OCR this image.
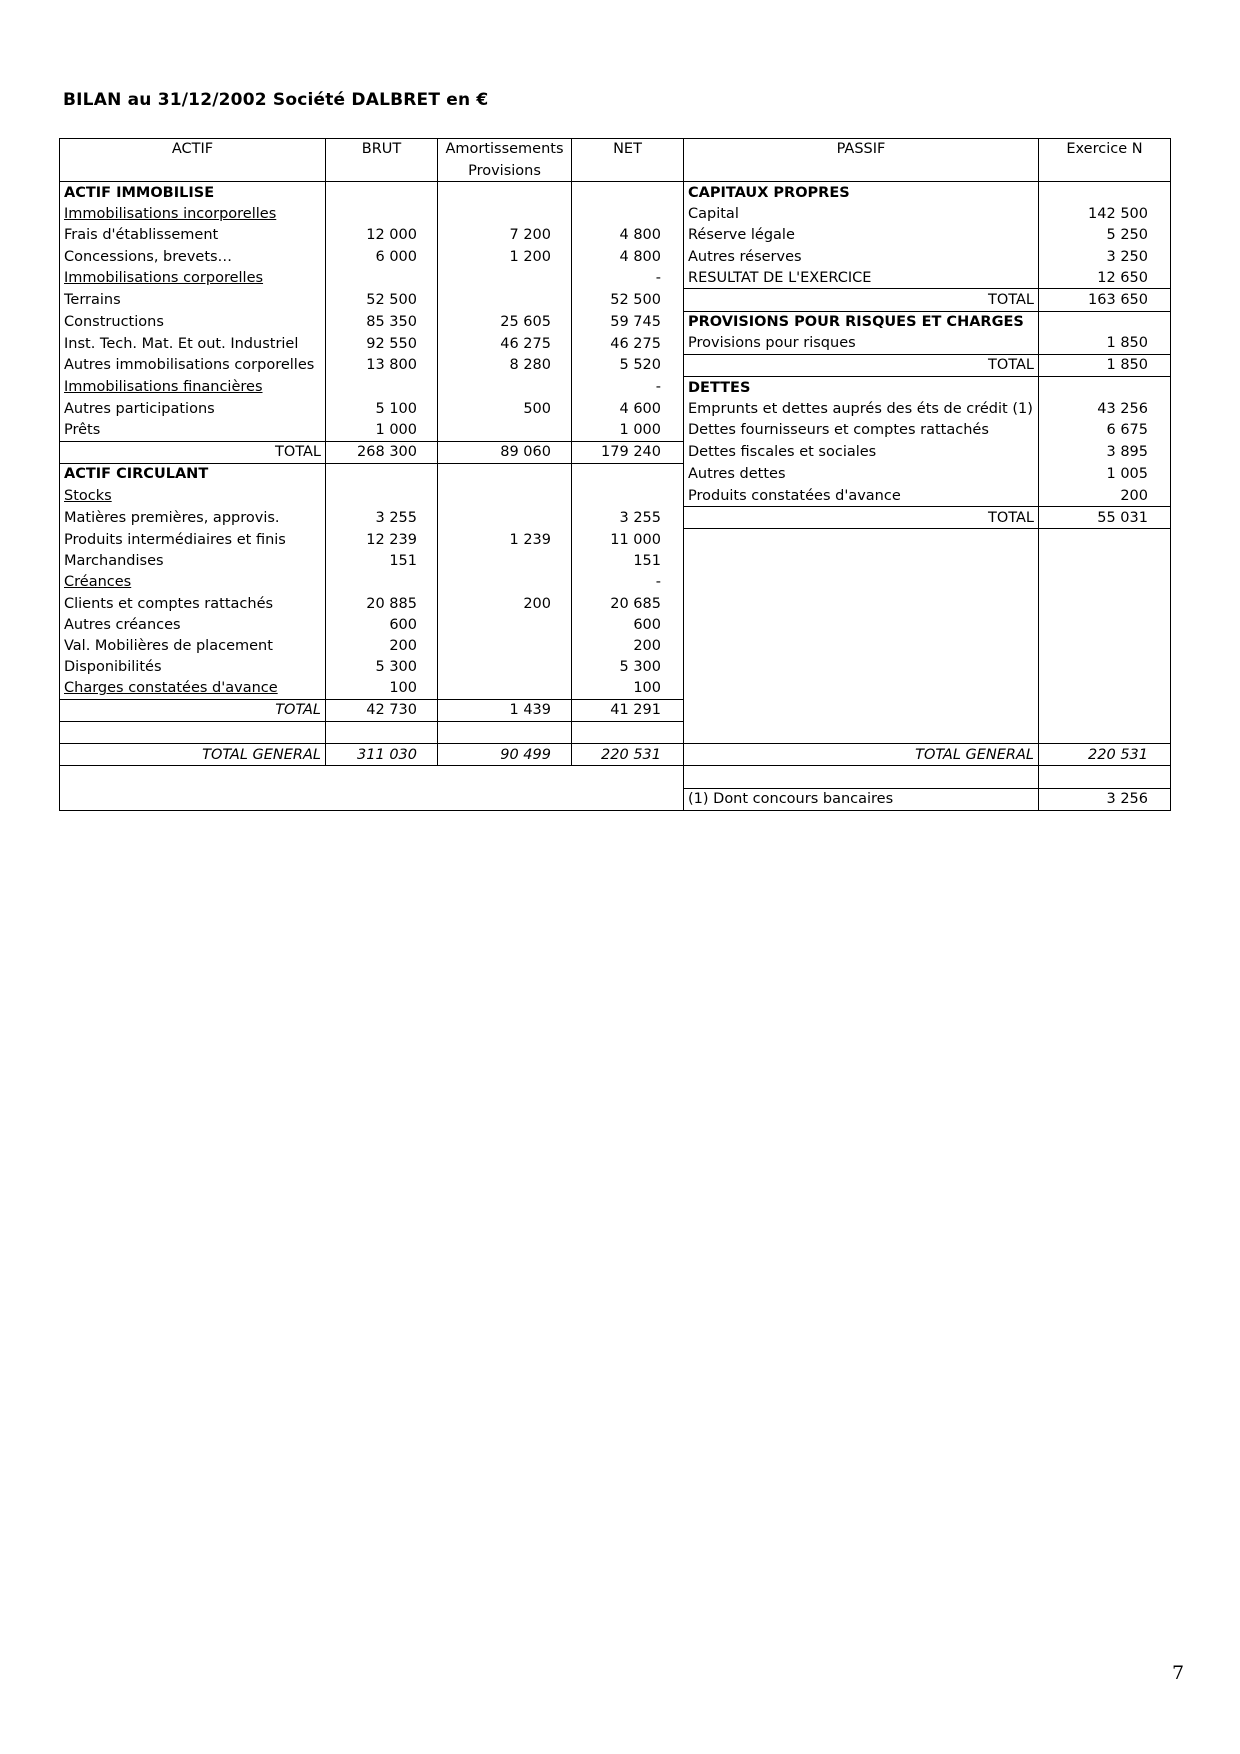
BILAN au 31/12/2002 Société DALBRET en €
ACTIF	BRUT	Amortissements	NET	PASSIF	Exercice N
		Provisions			
ACTIF IMMOBILISE				CAPITAUX PROPRES	
Immobilisations incorporelles				Capital	142 500
Frais d'établissement	12 000	7 200	4 800	Réserve légale	5 250
Concessions, brevets…	6 000	1 200	4 800	Autres réserves	3 250
Immobilisations corporelles			-	RESULTAT DE L'EXERCICE	12 650
Terrains	52 500		52 500	TOTAL	163 650
Constructions	85 350	25 605	59 745	PROVISIONS POUR RISQUES ET CHARGES	
Inst. Tech. Mat. Et out. Industriel	92 550	46 275	46 275	Provisions pour risques	1 850
Autres immobilisations corporelles	13 800	8 280	5 520	TOTAL	1 850
Immobilisations financières			-	DETTES	
Autres participations	5 100	500	4 600	Emprunts et dettes auprés des éts de crédit (1)	43 256
Prêts	1 000		1 000	Dettes fournisseurs et comptes rattachés	6 675
TOTAL	268 300	89 060	179 240	Dettes fiscales et sociales	3 895
ACTIF CIRCULANT				Autres dettes	1 005
Stocks				Produits constatées d'avance	200
Matières premières, approvis.	3 255		3 255	TOTAL	55 031
Produits intermédiaires et finis	12 239	1 239	11 000		
Marchandises	151		151		
Créances			-		
Clients et comptes rattachés	20 885	200	20 685		
Autres créances	600		600		
Val. Mobilières de placement	200		200		
Disponibilités	5 300		5 300		
Charges constatées d'avance	100		100		
TOTAL	42 730	1 439	41 291		

TOTAL GENERAL	311 030	90 499	220 531	TOTAL GENERAL	220 531

				(1) Dont concours bancaires	3 256
7
